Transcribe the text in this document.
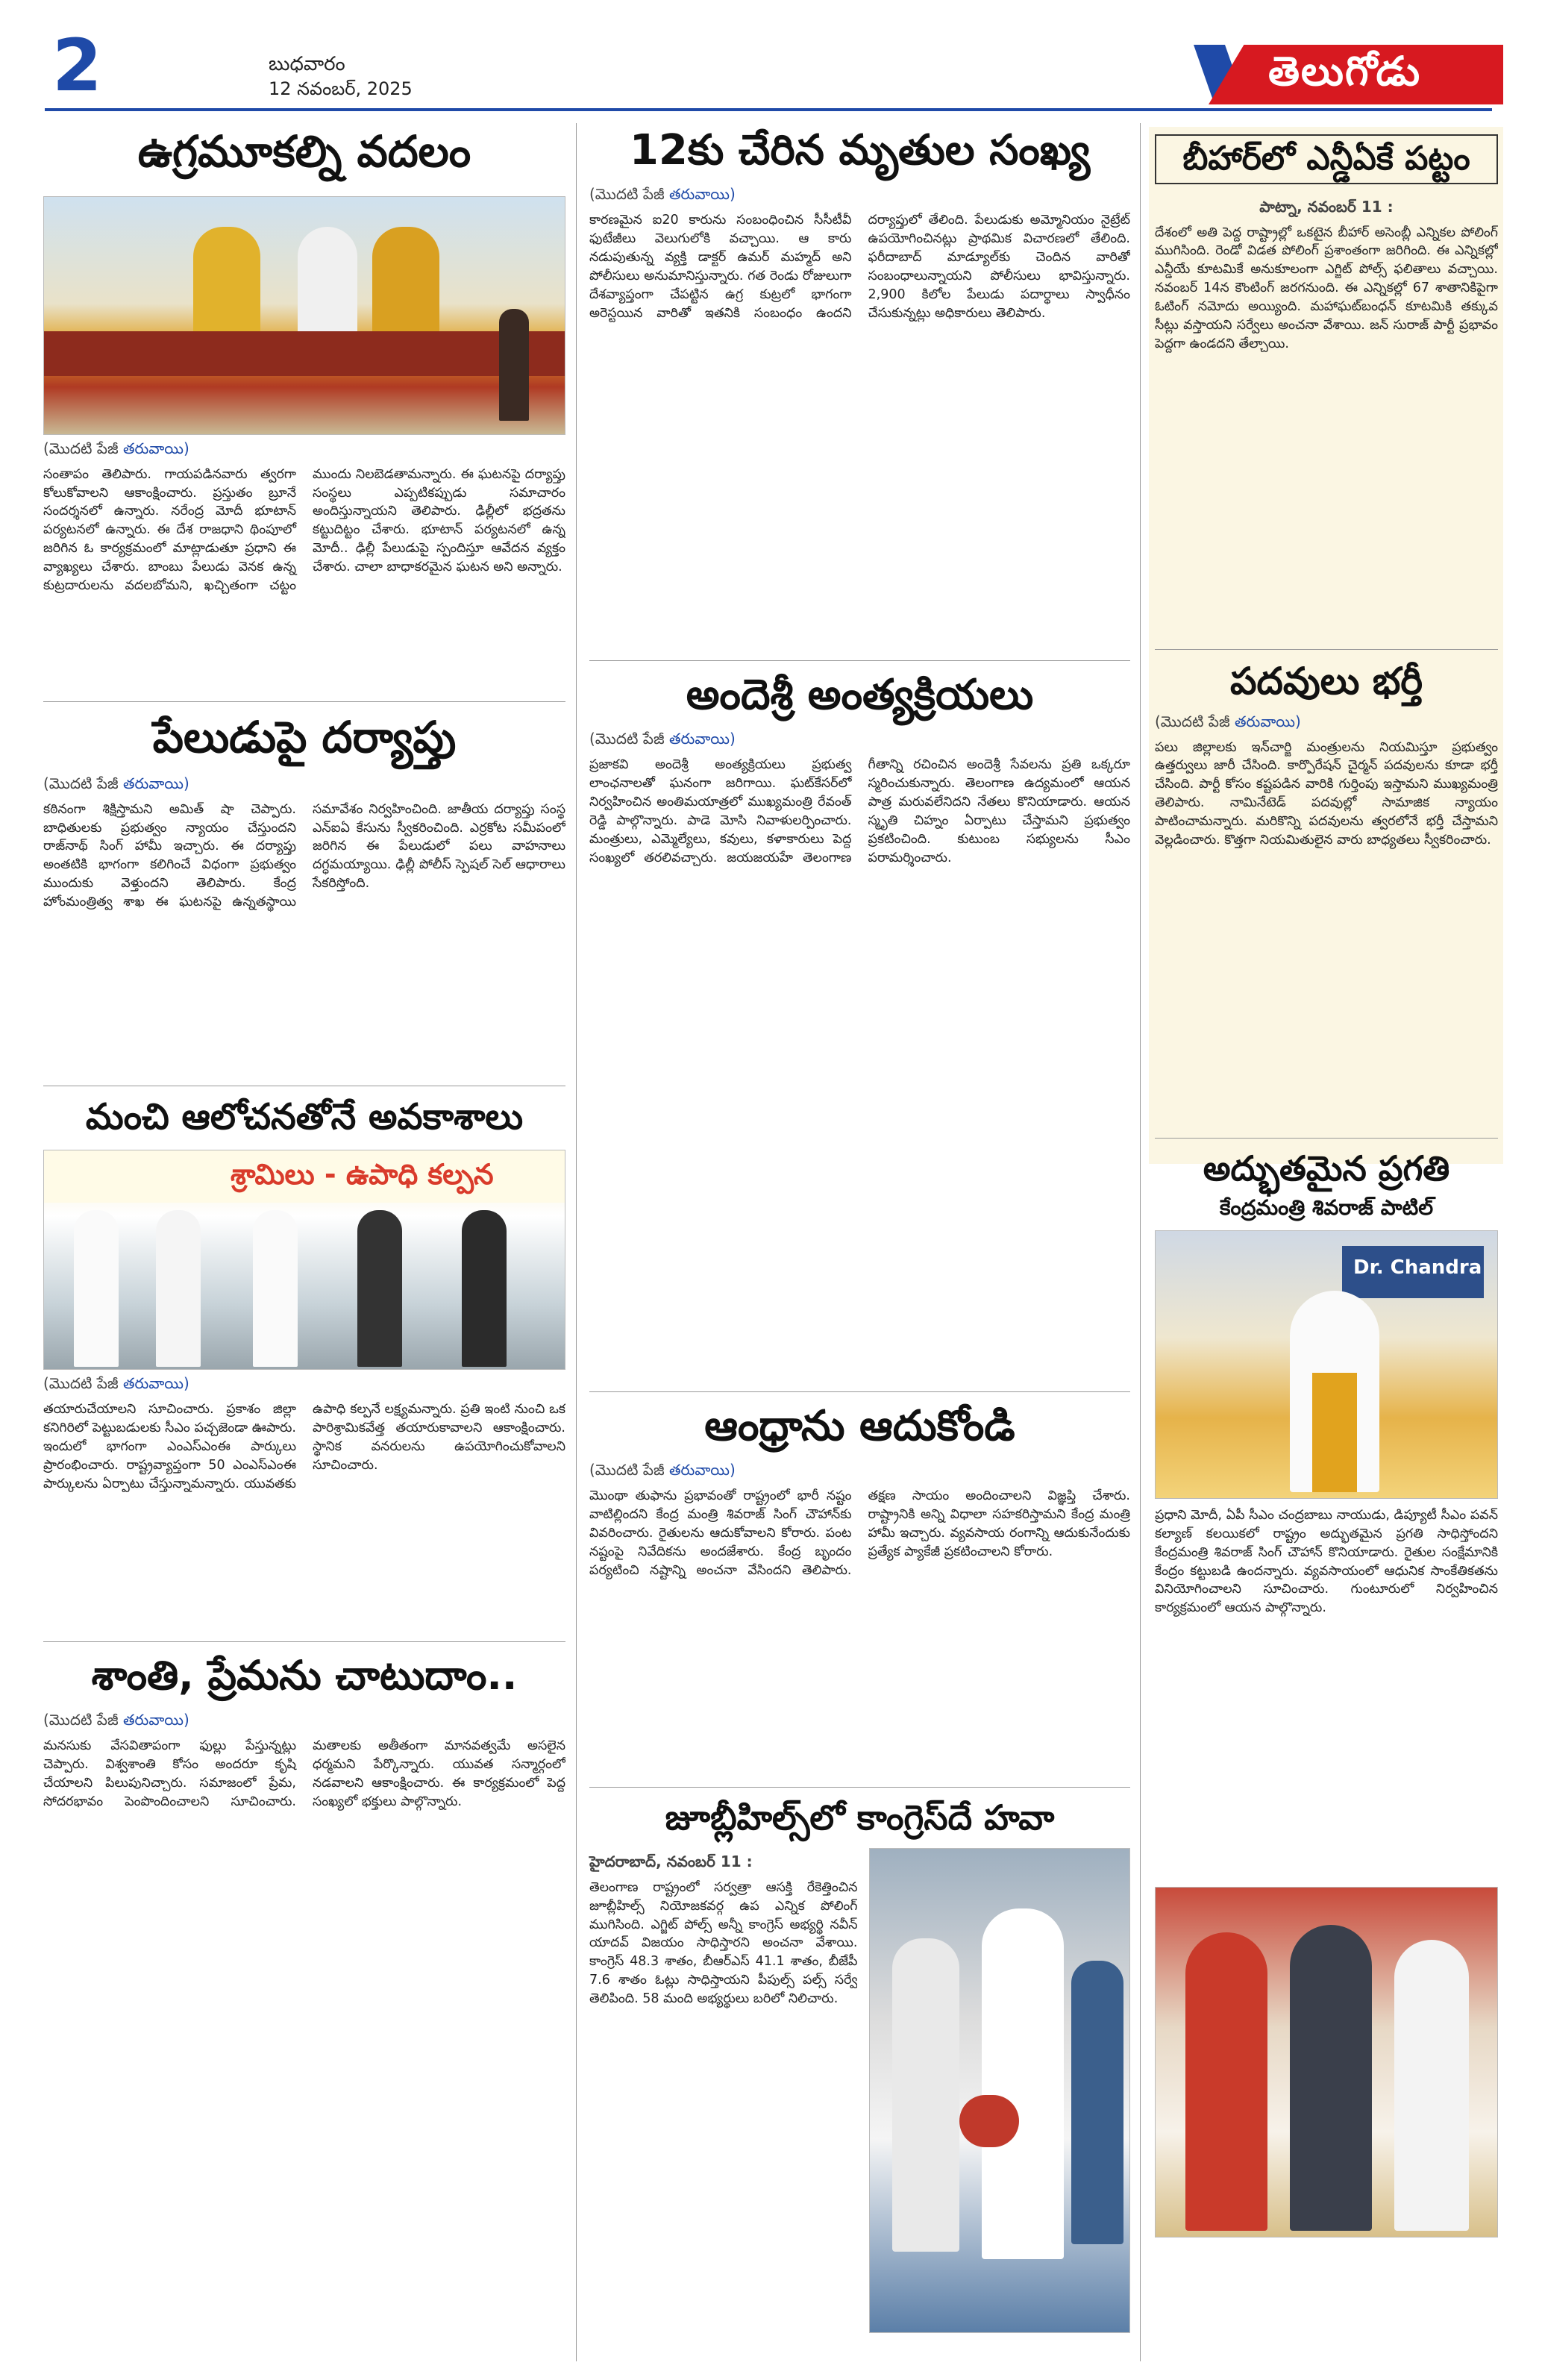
2	బుధవారం
12 నవంబర్, 2025	తెలుగోడు
ఉగ్రమూకల్ని వదలం
(మొదటి పేజీ తరువాయి)
సంతాపం తెలిపారు. గాయపడినవారు త్వరగా కోలుకోవాలని ఆకాంక్షించారు. ప్రస్తుతం బ్రూనే సందర్శనలో ఉన్నారు. నరేంద్ర మోదీ భూటాన్ పర్యటనలో ఉన్నారు. ఈ దేశ రాజధాని థింపూలో జరిగిన ఓ కార్యక్రమంలో మాట్లాడుతూ ప్రధాని ఈ వ్యాఖ్యలు చేశారు. బాంబు పేలుడు వెనక ఉన్న కుట్రదారులను వదలబోమని, ఖచ్చితంగా చట్టం ముందు నిలబెడతామన్నారు. ఈ ఘటనపై దర్యాప్తు సంస్థలు ఎప్పటికప్పుడు సమాచారం అందిస్తున్నాయని తెలిపారు. ఢిల్లీలో భద్రతను కట్టుదిట్టం చేశారు. భూటాన్ పర్యటనలో ఉన్న మోదీ.. ఢిల్లీ పేలుడుపై స్పందిస్తూ ఆవేదన వ్యక్తం చేశారు. చాలా బాధాకరమైన ఘటన అని అన్నారు.
పేలుడుపై దర్యాప్తు
(మొదటి పేజీ తరువాయి)
కఠినంగా శిక్షిస్తామని అమిత్ షా చెప్పారు. బాధితులకు ప్రభుత్వం న్యాయం చేస్తుందని రాజ్‌నాథ్ సింగ్ హామీ ఇచ్చారు. ఈ దర్యాప్తు అంతటికి భాగంగా కలిగించే విధంగా ప్రభుత్వం ముందుకు వెళ్తుందని తెలిపారు. కేంద్ర హోంమంత్రిత్వ శాఖ ఈ ఘటనపై ఉన్నతస్థాయి సమావేశం నిర్వహించింది. జాతీయ దర్యాప్తు సంస్థ ఎన్‌ఐఏ కేసును స్వీకరించింది. ఎర్రకోట సమీపంలో జరిగిన ఈ పేలుడులో పలు వాహనాలు దగ్ధమయ్యాయి. ఢిల్లీ పోలీస్ స్పెషల్ సెల్ ఆధారాలు సేకరిస్తోంది.
మంచి ఆలోచనతోనే అవకాశాలు
శ్రామిలు - ఉపాధి కల్పన
(మొదటి పేజీ తరువాయి)
తయారుచేయాలని సూచించారు. ప్రకాశం జిల్లా కనిగిరిలో పెట్టుబడులకు సీఎం పచ్చజెండా ఊపారు. ఇందులో భాగంగా ఎంఎస్ఎంఈ పార్కులు ప్రారంభించారు. రాష్ట్రవ్యాప్తంగా 50 ఎంఎస్ఎంఈ పార్కులను ఏర్పాటు చేస్తున్నామన్నారు. యువతకు ఉపాధి కల్పనే లక్ష్యమన్నారు. ప్రతి ఇంటి నుంచి ఒక పారిశ్రామికవేత్త తయారుకావాలని ఆకాంక్షించారు. స్థానిక వనరులను ఉపయోగించుకోవాలని సూచించారు.
శాంతి, ప్రేమను చాటుదాం..
(మొదటి పేజీ తరువాయి)
మనసుకు వేసవితాపంగా ఫుల్లు పేస్తున్నట్లు చెప్పారు. విశ్వశాంతి కోసం అందరూ కృషి చేయాలని పిలుపునిచ్చారు. సమాజంలో ప్రేమ, సోదరభావం పెంపొందించాలని సూచించారు. మతాలకు అతీతంగా మానవత్వమే అసలైన ధర్మమని పేర్కొన్నారు. యువత సన్మార్గంలో నడవాలని ఆకాంక్షించారు. ఈ కార్యక్రమంలో పెద్ద సంఖ్యలో భక్తులు పాల్గొన్నారు.
12కు చేరిన మృతుల సంఖ్య
(మొదటి పేజీ తరువాయి)
కారణమైన ఐ20 కారును సంబంధించిన సీసీటీవీ ఫుటేజీలు వెలుగులోకి వచ్చాయి. ఆ కారు నడుపుతున్న వ్యక్తి డాక్టర్ ఉమర్ మహ్మద్ అని పోలీసులు అనుమానిస్తున్నారు. గత రెండు రోజులుగా దేశవ్యాప్తంగా చేపట్టిన ఉగ్ర కుట్రలో భాగంగా అరెస్టయిన వారితో ఇతనికి సంబంధం ఉందని దర్యాప్తులో తేలింది. పేలుడుకు అమ్మోనియం నైట్రేట్ ఉపయోగించినట్లు ప్రాథమిక విచారణలో తేలింది. ఫరీదాబాద్ మాడ్యూల్‌కు చెందిన వారితో సంబంధాలున్నాయని పోలీసులు భావిస్తున్నారు. 2,900 కిలోల పేలుడు పదార్థాలు స్వాధీనం చేసుకున్నట్లు అధికారులు తెలిపారు.
అందెశ్రీ అంత్యక్రియలు
(మొదటి పేజీ తరువాయి)
ప్రజాకవి అందెశ్రీ అంత్యక్రియలు ప్రభుత్వ లాంఛనాలతో ఘనంగా జరిగాయి. ఘట్‌కేసర్‌లో నిర్వహించిన అంతిమయాత్రలో ముఖ్యమంత్రి రేవంత్ రెడ్డి పాల్గొన్నారు. పాడె మోసి నివాళులర్పించారు. మంత్రులు, ఎమ్మెల్యేలు, కవులు, కళాకారులు పెద్ద సంఖ్యలో తరలివచ్చారు. జయజయహే తెలంగాణ గీతాన్ని రచించిన అందెశ్రీ సేవలను ప్రతి ఒక్కరూ స్మరించుకున్నారు. తెలంగాణ ఉద్యమంలో ఆయన పాత్ర మరువలేనిదని నేతలు కొనియాడారు. ఆయన స్మృతి చిహ్నం ఏర్పాటు చేస్తామని ప్రభుత్వం ప్రకటించింది. కుటుంబ సభ్యులను సీఎం పరామర్శించారు.
ఆంధ్రాను ఆదుకోండి
(మొదటి పేజీ తరువాయి)
మొంథా తుఫాను ప్రభావంతో రాష్ట్రంలో భారీ నష్టం వాటిల్లిందని కేంద్ర మంత్రి శివరాజ్ సింగ్ చౌహాన్‌కు వివరించారు. రైతులను ఆదుకోవాలని కోరారు. పంట నష్టంపై నివేదికను అందజేశారు. కేంద్ర బృందం పర్యటించి నష్టాన్ని అంచనా వేసిందని తెలిపారు. తక్షణ సాయం అందించాలని విజ్ఞప్తి చేశారు. రాష్ట్రానికి అన్ని విధాలా సహకరిస్తామని కేంద్ర మంత్రి హామీ ఇచ్చారు. వ్యవసాయ రంగాన్ని ఆదుకునేందుకు ప్రత్యేక ప్యాకేజీ ప్రకటించాలని కోరారు.
జూబ్లీహిల్స్‌లో కాంగ్రెస్‌దే హవా
హైదరాబాద్, నవంబర్ 11 :
తెలంగాణ రాష్ట్రంలో సర్వత్రా ఆసక్తి రేకెత్తించిన జూబ్లీహిల్స్ నియోజకవర్గ ఉప ఎన్నిక పోలింగ్ ముగిసింది. ఎగ్జిట్ పోల్స్ అన్నీ కాంగ్రెస్ అభ్యర్థి నవీన్ యాదవ్ విజయం సాధిస్తారని అంచనా వేశాయి. కాంగ్రెస్ 48.3 శాతం, బీఆర్ఎస్ 41.1 శాతం, బీజేపీ 7.6 శాతం ఓట్లు సాధిస్తాయని పీపుల్స్ పల్స్ సర్వే తెలిపింది. 58 మంది అభ్యర్థులు బరిలో నిలిచారు.
బీహార్‌లో ఎన్డీఏకే పట్టం
పాట్నా, నవంబర్ 11 :
దేశంలో అతి పెద్ద రాష్ట్రాల్లో ఒకటైన బీహార్ అసెంబ్లీ ఎన్నికల పోలింగ్ ముగిసింది. రెండో విడత పోలింగ్ ప్రశాంతంగా జరిగింది. ఈ ఎన్నికల్లో ఎన్డీయే కూటమికే అనుకూలంగా ఎగ్జిట్ పోల్స్ ఫలితాలు వచ్చాయి. నవంబర్ 14న కౌంటింగ్ జరగనుంది. ఈ ఎన్నికల్లో 67 శాతానికిపైగా ఓటింగ్ నమోదు అయ్యింది. మహాఘట్‌బంధన్ కూటమికి తక్కువ సీట్లు వస్తాయని సర్వేలు అంచనా వేశాయి. జన్ సురాజ్ పార్టీ ప్రభావం పెద్దగా ఉండదని తేల్చాయి.
పదవులు భర్తీ
(మొదటి పేజీ తరువాయి)
పలు జిల్లాలకు ఇన్‌చార్జి మంత్రులను నియమిస్తూ ప్రభుత్వం ఉత్తర్వులు జారీ చేసింది. కార్పొరేషన్ చైర్మన్ పదవులను కూడా భర్తీ చేసింది. పార్టీ కోసం కష్టపడిన వారికి గుర్తింపు ఇస్తామని ముఖ్యమంత్రి తెలిపారు. నామినేటెడ్ పదవుల్లో సామాజిక న్యాయం పాటించామన్నారు. మరికొన్ని పదవులను త్వరలోనే భర్తీ చేస్తామని వెల్లడించారు. కొత్తగా నియమితులైన వారు బాధ్యతలు స్వీకరించారు.
అద్భుతమైన ప్రగతి
కేంద్రమంత్రి శివరాజ్ పాటిల్
Dr. Chandra
ప్రధాని మోదీ, ఏపీ సీఎం చంద్రబాబు నాయుడు, డిప్యూటీ సీఎం పవన్ కల్యాణ్ కలయికలో రాష్ట్రం అద్భుతమైన ప్రగతి సాధిస్తోందని కేంద్రమంత్రి శివరాజ్ సింగ్ చౌహాన్ కొనియాడారు. రైతుల సంక్షేమానికి కేంద్రం కట్టుబడి ఉందన్నారు. వ్యవసాయంలో ఆధునిక సాంకేతికతను వినియోగించాలని సూచించారు. గుంటూరులో నిర్వహించిన కార్యక్రమంలో ఆయన పాల్గొన్నారు.
